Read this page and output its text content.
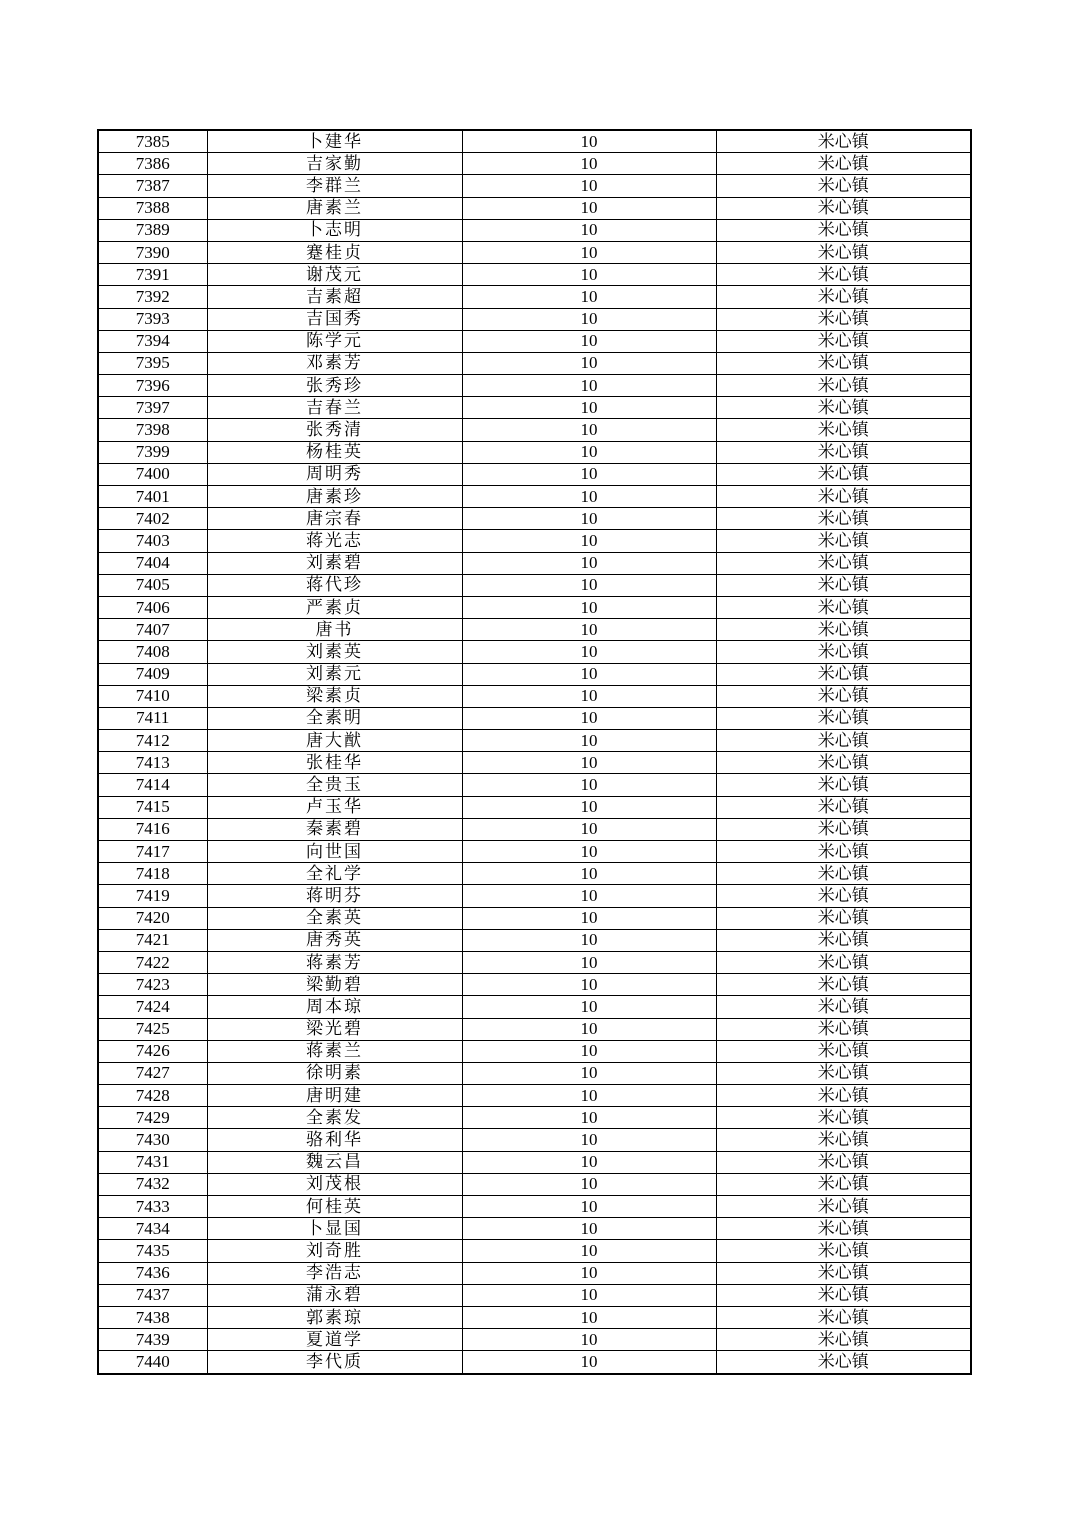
7385	卜建华	10	米心镇
7386	吉家勤	10	米心镇
7387	李群兰	10	米心镇
7388	唐素兰	10	米心镇
7389	卜志明	10	米心镇
7390	蹇桂贞	10	米心镇
7391	谢茂元	10	米心镇
7392	吉素超	10	米心镇
7393	吉国秀	10	米心镇
7394	陈学元	10	米心镇
7395	邓素芳	10	米心镇
7396	张秀珍	10	米心镇
7397	吉春兰	10	米心镇
7398	张秀清	10	米心镇
7399	杨桂英	10	米心镇
7400	周明秀	10	米心镇
7401	唐素珍	10	米心镇
7402	唐宗春	10	米心镇
7403	蒋光志	10	米心镇
7404	刘素碧	10	米心镇
7405	蒋代珍	10	米心镇
7406	严素贞	10	米心镇
7407	唐书	10	米心镇
7408	刘素英	10	米心镇
7409	刘素元	10	米心镇
7410	梁素贞	10	米心镇
7411	全素明	10	米心镇
7412	唐大猷	10	米心镇
7413	张桂华	10	米心镇
7414	全贵玉	10	米心镇
7415	卢玉华	10	米心镇
7416	秦素碧	10	米心镇
7417	向世国	10	米心镇
7418	全礼学	10	米心镇
7419	蒋明芬	10	米心镇
7420	全素英	10	米心镇
7421	唐秀英	10	米心镇
7422	蒋素芳	10	米心镇
7423	梁勤碧	10	米心镇
7424	周本琼	10	米心镇
7425	梁光碧	10	米心镇
7426	蒋素兰	10	米心镇
7427	徐明素	10	米心镇
7428	唐明建	10	米心镇
7429	全素发	10	米心镇
7430	骆利华	10	米心镇
7431	魏云昌	10	米心镇
7432	刘茂根	10	米心镇
7433	何桂英	10	米心镇
7434	卜显国	10	米心镇
7435	刘奇胜	10	米心镇
7436	李浩志	10	米心镇
7437	蒲永碧	10	米心镇
7438	郭素琼	10	米心镇
7439	夏道学	10	米心镇
7440	李代质	10	米心镇
